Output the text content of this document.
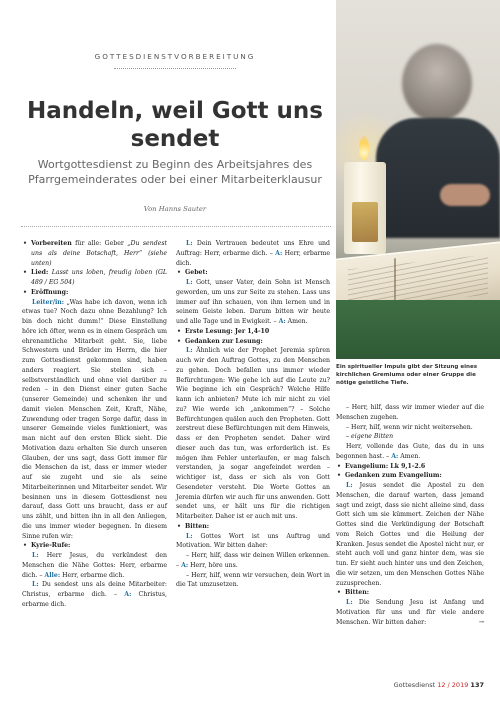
Ein spiritueller Impuls gibt der Sitzung eines kirchlichen Gremiums oder einer Gruppe die nötige geistliche Tiefe.
GOTTESDIENSTVORBEREITUNG
Handeln, weil Gott uns sendet
Wortgottesdienst zu Beginn des Arbeitsjahres des Pfarrgemeinderates oder bei einer Mitarbeiterklausur
Von Hanns Sauter

• Vorbereiten für alle: Geber „Du sendest uns als deine Botschaft, Herr“ (siehe unten)

• Lied: Lasst uns loben, freudig loben (GL 489 / EG 504)

• Eröffnung:

Leiter/in: „Was habe ich davon, wenn ich etwas tue? Noch dazu ohne Bezahlung? Ich bin doch nicht dumm!“ Diese Einstellung höre ich öfter, wenn es in einem Gespräch um ehrenamtliche Mitarbeit geht. Sie, liebe Schwestern und Brüder im Herrn, die hier zum Gottesdienst gekommen sind, haben anders reagiert. Sie stellen sich – selbstverständlich und ohne viel darüber zu reden – in den Dienst einer guten Sache (unserer Gemeinde) und schenken ihr und damit vielen Menschen Zeit, Kraft, Nähe, Zuwendung oder tragen Sorge dafür, dass in unserer Gemeinde vieles funktioniert, was man nicht auf den ersten Blick sieht. Die Motivation dazu erhalten Sie durch unseren Glauben, der uns sagt, dass Gott immer für die Menschen da ist, dass er immer wieder auf sie zugeht und sie als seine Mitarbeiterinnen und Mitarbeiter sendet. Wir besinnen uns in diesem Gottesdienst neu darauf, dass Gott uns braucht, dass er auf uns zählt, und bitten ihn in all den Anliegen, die uns immer wieder begegnen. In diesem Sinne rufen wir:

• Kyrie-Rufe:

L: Herr Jesus, du verkündest den Menschen die Nähe Gottes: Herr, erbarme dich. – Alle: Herr, erbarme dich.

L: Du sendest uns als deine Mitarbeiter: Christus, erbarme dich. – A: Christus, erbarme dich.

L: Dein Vertrauen bedeutet uns Ehre und Auftrag: Herr, erbarme dich. – A: Herr, erbarme dich.

• Gebet:

L: Gott, unser Vater, dein Sohn ist Mensch geworden, um uns zur Seite zu stehen. Lass uns immer auf ihn schauen, von ihm lernen und in seinem Geiste leben. Darum bitten wir heute und alle Tage und in Ewigkeit. – A: Amen.

• Erste Lesung: Jer 1,4-10

• Gedanken zur Lesung:

L: Ähnlich wie der Prophet Jeremia spüren auch wir den Auftrag Gottes, zu den Menschen zu gehen. Doch befallen uns immer wieder Befürchtungen: Wie gehe ich auf die Leute zu? Wie beginne ich ein Gespräch? Welche Hilfe kann ich anbieten? Mute ich mir nicht zu viel zu? Wie werde ich „ankommen“? – Solche Befürchtungen quälen auch den Propheten. Gott zerstreut diese Befürchtungen mit dem Hinweis, dass er den Propheten sendet. Daher wird dieser auch das tun, was erforderlich ist. Es mögen ihm Fehler unterlaufen, er mag falsch verstanden, ja sogar angefeindet werden – wichtiger ist, dass er sich als von Gott Gesendeter versteht. Die Worte Gottes an Jeremia dürfen wir auch für uns anwenden. Gott sendet uns, er hält uns für die richtigen Mitarbeiter. Daher ist er auch mit uns.

• Bitten:

L: Gottes Wort ist uns Auftrag und Motivation. Wir bitten daher:

– Herr, hilf, dass wir deinen Willen erkennen. – A: Herr, höre uns.

– Herr, hilf, wenn wir versuchen, dein Wort in die Tat umzusetzen.

– Herr, hilf, dass wir immer wieder auf die Menschen zugehen.

– Herr, hilf, wenn wir nicht weitersehen.

– eigene Bitten

Herr, vollende das Gute, das du in uns begonnen hast. – A: Amen.

• Evangelium: Lk 9,1-2.6

• Gedanken zum Evangelium:

L: Jesus sendet die Apostel zu den Menschen, die darauf warten, dass jemand sagt und zeigt, dass sie nicht alleine sind, dass Gott sich um sie kümmert. Zeichen der Nähe Gottes sind die Verkündigung der Botschaft vom Reich Gottes und die Heilung der Kranken. Jesus sendet die Apostel nicht nur, er steht auch voll und ganz hinter dem, was sie tun. Er sieht auch hinter uns und den Zeichen, die wir setzen, um den Menschen Gottes Nähe zuzusprechen.

• Bitten:

L: Die Sendung Jesu ist Anfang und Motivation für uns und für viele andere Menschen. Wir bitten daher:	→

Gottesdienst 12 / 2019 137
